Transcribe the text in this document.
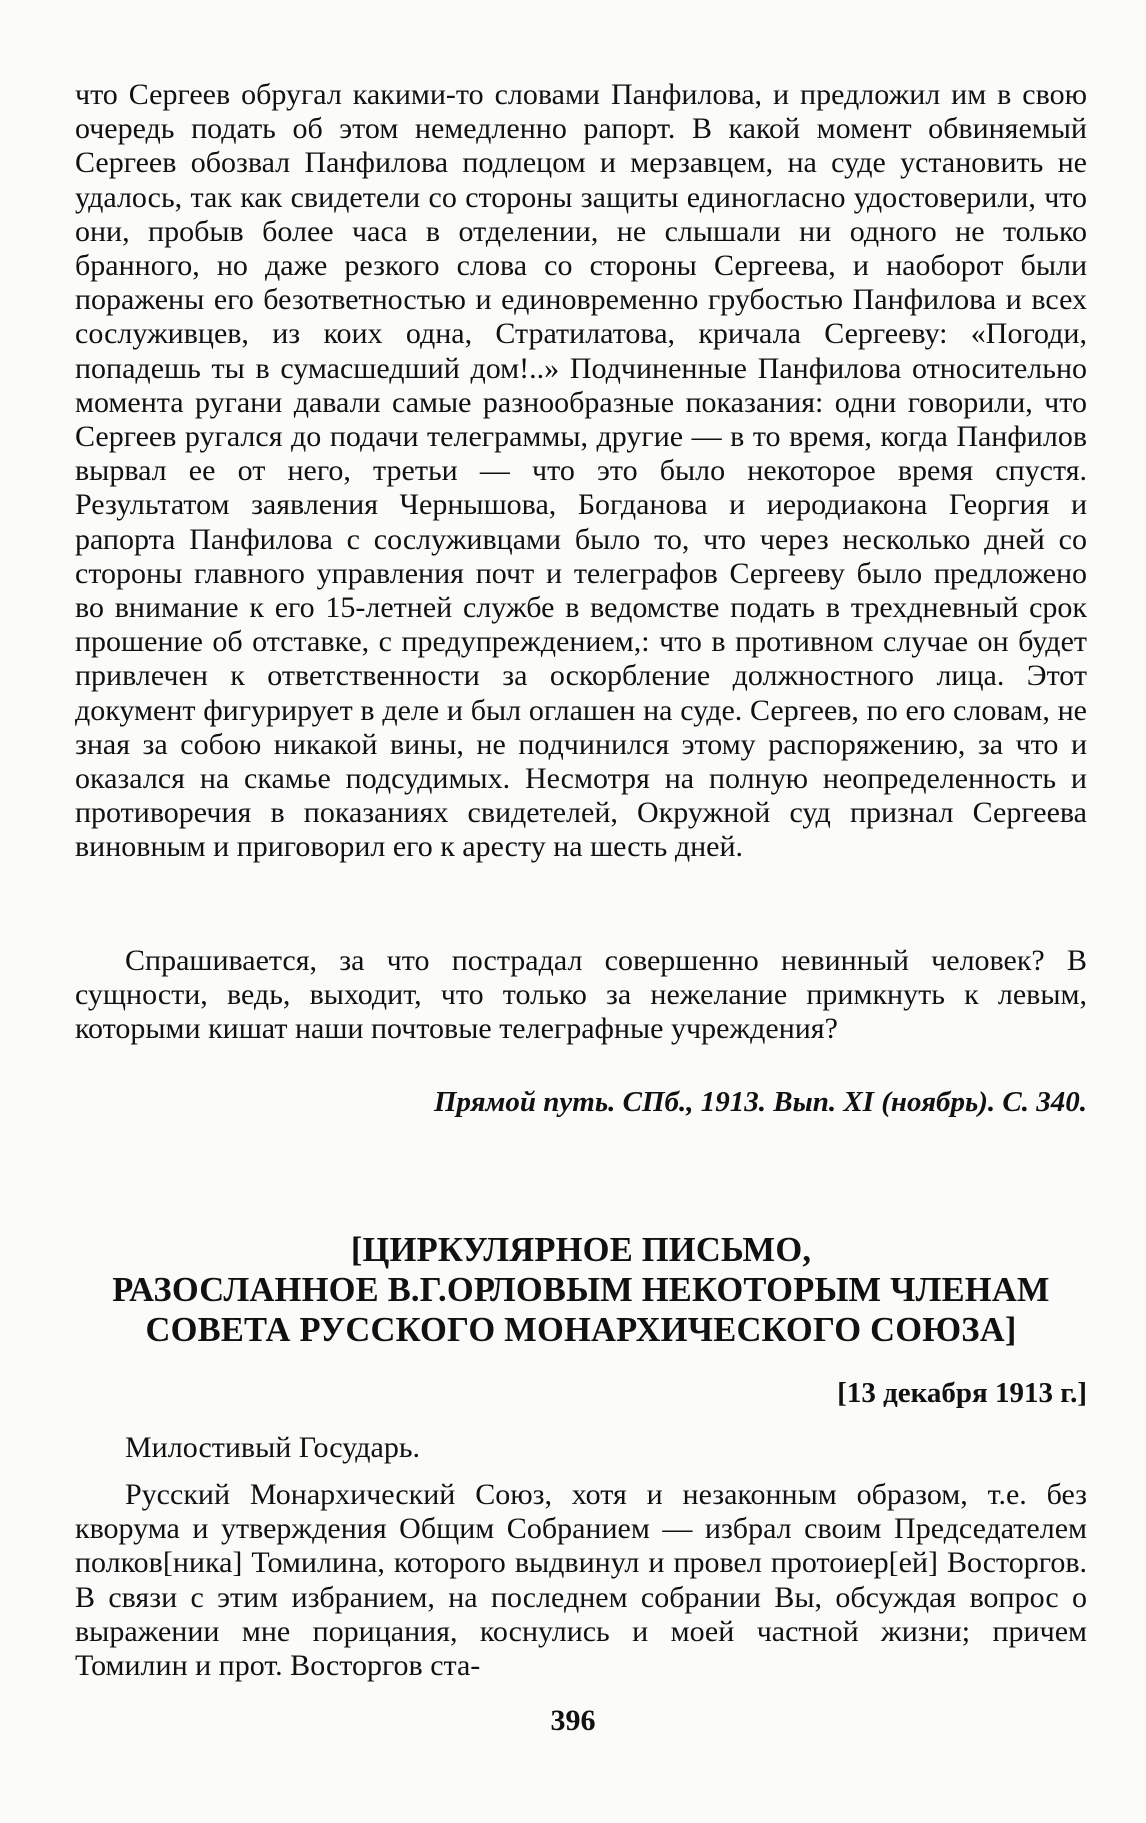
что Сергеев обругал какими-то словами Панфилова, и предложил им в свою очередь подать об этом немедленно рапорт. В какой момент обвиняемый Сергеев обозвал Панфилова подлецом и мерзавцем, на суде установить не удалось, так как свидетели со стороны защиты единогласно удостоверили, что они, пробыв более часа в отделении, не слышали ни одного не только бранного, но даже резкого слова со стороны Сергеева, и наоборот были поражены его безответностью и единовременно грубостью Панфилова и всех сослуживцев, из коих одна, Стратилатова, кричала Сергееву: «Погоди, попадешь ты в сумасшедший дом!..» Подчиненные Панфилова относительно момента ругани давали самые разнообразные показания: одни говорили, что Сергеев ругался до подачи телеграммы, другие — в то время, когда Панфилов вырвал ее от него, третьи — что это было некоторое время спустя. Результатом заявления Чернышова, Богданова и иеродиакона Георгия и рапорта Панфилова с сослуживцами было то, что через несколько дней со стороны главного управления почт и телеграфов Сергееву было предложено во внимание к его 15-летней службе в ведомстве подать в трехдневный срок прошение об отставке, с предупреждением,: что в противном случае он будет привлечен к ответственности за оскорбление должностного лица. Этот документ фигурирует в деле и был оглашен на суде. Сергеев, по его словам, не зная за собою никакой вины, не подчинился этому распоряжению, за что и оказался на скамье подсудимых. Несмотря на полную неопределенность и противоречия в показаниях свидетелей, Окружной суд признал Сергеева виновным и приговорил его к аресту на шесть дней.

Спрашивается, за что пострадал совершенно невинный человек? В сущности, ведь, выходит, что только за нежелание примкнуть к левым, которыми кишат наши почтовые телеграфные учреждения?

Прямой путь. СПб., 1913. Вып. XI (ноябрь). С. 340.
[ЦИРКУЛЯРНОЕ ПИСЬМО,
РАЗОСЛАННОЕ В.Г.ОРЛОВЫМ НЕКОТОРЫМ ЧЛЕНАМ
СОВЕТА РУССКОГО МОНАРХИЧЕСКОГО СОЮЗА]
[13 декабря 1913 г.]
Милостивый Государь.

Русский Монархический Союз, хотя и незаконным образом, т.е. без кворума и утверждения Общим Собранием — избрал своим Председателем полков[ника] Томилина, которого выдвинул и провел протоиер[ей] Восторгов. В связи с этим избранием, на последнем собрании Вы, обсуждая вопрос о выражении мне порицания, коснулись и моей частной жизни; причем Томилин и прот. Восторгов ста-

396
